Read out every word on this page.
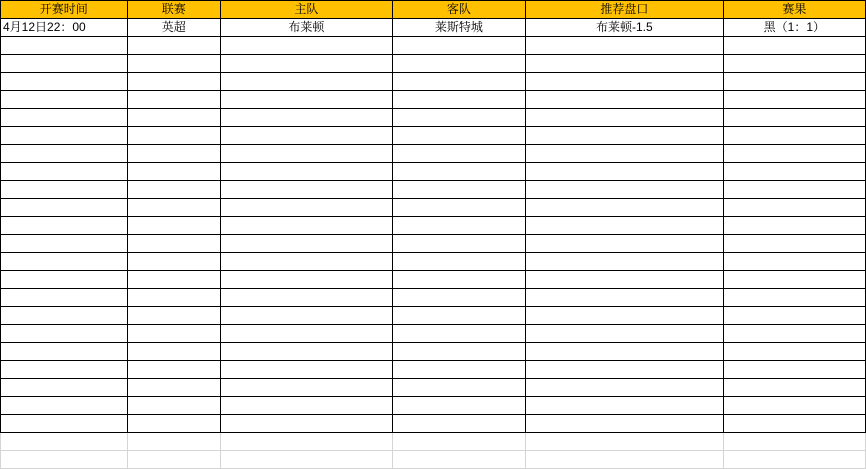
开赛时间	联赛	主队	客队	推荐盘口	赛果
4月12日22：00	英超	布莱顿	莱斯特城	布莱顿-1.5	黑（1：1）
